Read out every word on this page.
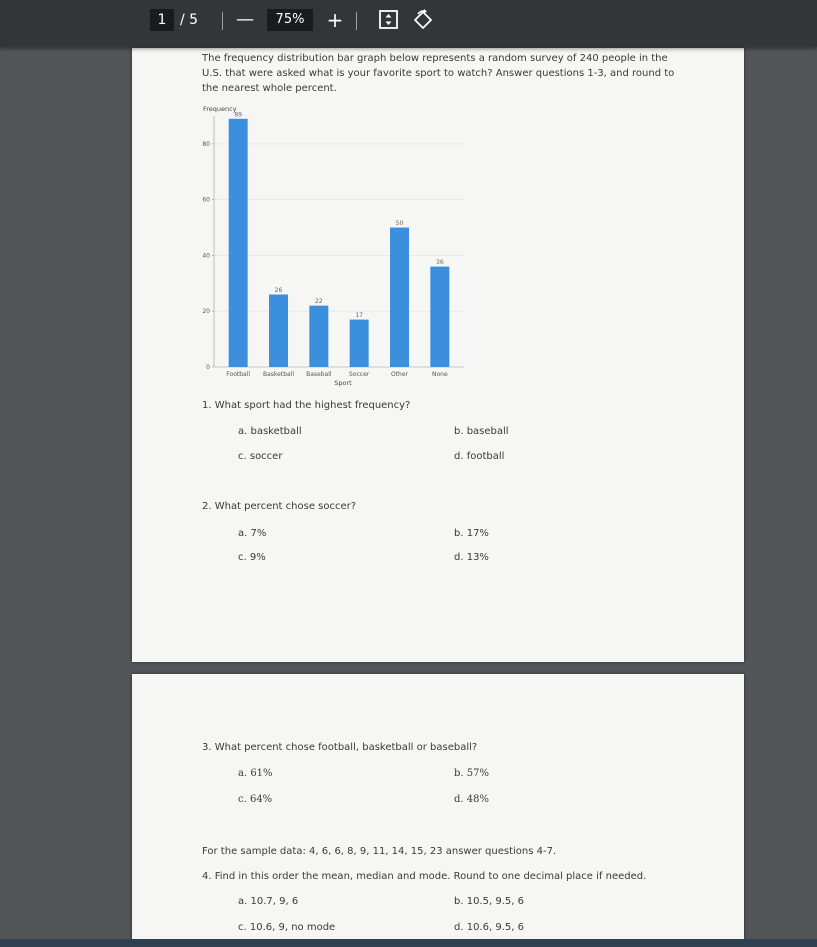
1 / 5	—	75%	+
The frequency distribution bar graph below represents a random survey of 240 people in the U.S. that were asked what is your favorite sport to watch? Answer questions 1-3, and round to the nearest whole percent.
Frequency
0
20
40
60
80
89
26
22
17
50
36
Football Basketball Baseball	Soccer	Other	None
Sport
1. What sport had the highest frequency?
a. basketball	b. baseball
c. soccer	d. football
2. What percent chose soccer?
a. 7%	b. 17%
c. 9%	d. 13%
3. What percent chose football, basketball or baseball?
a. 61%	b. 57%
c. 64%	d. 48%
For the sample data: 4, 6, 6, 8, 9, 11, 14, 15, 23 answer questions 4-7.
4. Find in this order the mean, median and mode. Round to one decimal place if needed.
a. 10.7, 9, 6	b. 10.5, 9.5, 6
c. 10.6, 9, no mode	d. 10.6, 9.5, 6
